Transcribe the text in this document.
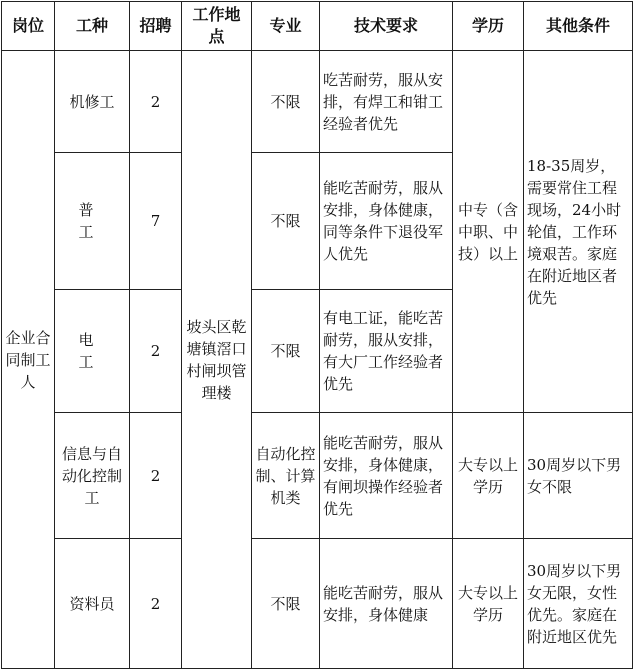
岗位	工种	招聘	工作地点	专业	技术要求	学历	其他条件
企业合同制工人	机修工	2	坡头区乾塘镇滘口村闸坝管理楼	不限	吃苦耐劳，服从安排，有焊工和钳工经验者优先	中专（含中职、中技）以上	18-35周岁，需要常住工程现场，24小时轮值，工作环境艰苦。家庭在附近地区者优先
	普 工	7		不限	能吃苦耐劳，服从安排，身体健康，同等条件下退役军人优先		
	电 工	2		不限	有电工证，能吃苦耐劳，服从安排，有大厂工作经验者优先		
	信息与自动化控制工	2		自动化控制、计算机类	能吃苦耐劳，服从安排，身体健康，有闸坝操作经验者优先	大专以上学历	30周岁以下男女不限
	资料员	2		不限	能吃苦耐劳，服从安排，身体健康	大专以上学历	30周岁以下男女无限，女性优先。家庭在附近地区优先
